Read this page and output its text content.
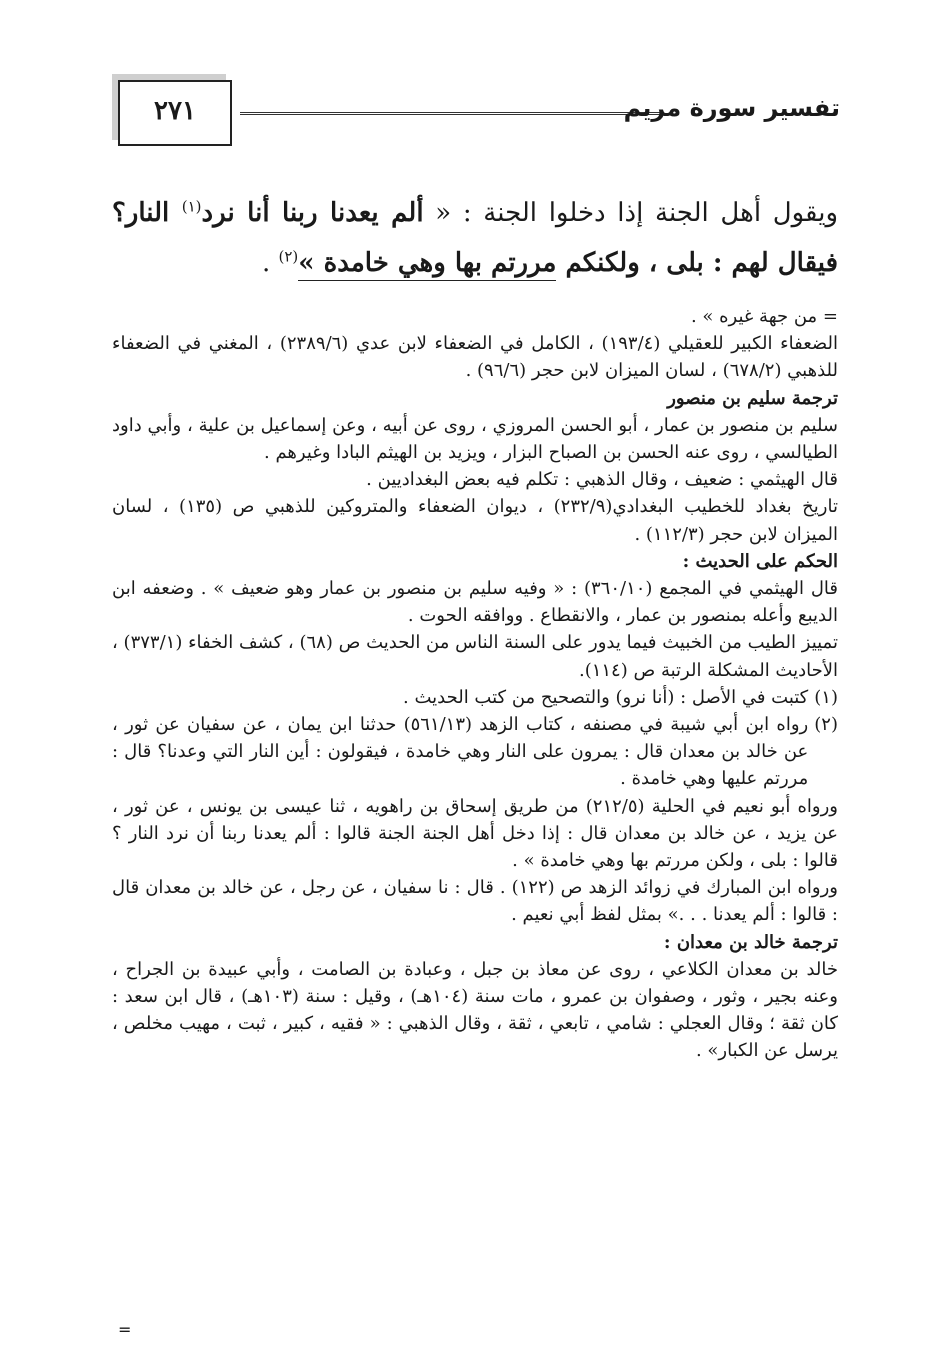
٢٧١	تفسير سورة مريم
ويقول أهل الجنة إذا دخلوا الجنة : « ألم يعدنا ربنا أنا نرد$^{(١)}$ النار؟ فيقال لهم : بلى ، ولكنكم مررتم بها وهي خامدة »$^{(٢)}$ .

= من جهة غيره » .

الضعفاء الكبير للعقيلي (١٩٣/٤) ، الكامل في الضعفاء لابن عدي (٢٣٨٩/٦) ، المغني في الضعفاء للذهبي (٦٧٨/٢) ، لسان الميزان لابن حجر (٩٦/٦) .

ترجمة سليم بن منصور

سليم بن منصور بن عمار ، أبو الحسن المروزي ، روى عن أبيه ، وعن إسماعيل بن علية ، وأبي داود الطيالسي ، روى عنه الحسن بن الصباح البزار ، ويزيد بن الهيثم البادا وغيرهم .

قال الهيثمي : ضعيف ، وقال الذهبي : تكلم فيه بعض البغداديين .

تاريخ بغداد للخطيب البغدادي(٢٣٢/٩) ، ديوان الضعفاء والمتروكين للذهبي ص (١٣٥) ، لسان الميزان لابن حجر (١١٢/٣) .

الحكم على الحديث :

قال الهيثمي في المجمع (٣٦٠/١٠) : « وفيه سليم بن منصور بن عمار وهو ضعيف » . وضعفه ابن الديبع وأعله بمنصور بن عمار ، والانقطاع . ووافقه الحوت .

تمييز الطيب من الخبيث فيما يدور على السنة الناس من الحديث ص (٦٨) ، كشف الخفاء (٣٧٣/١) ، الأحاديث المشكلة الرتبة ص (١١٤).

(١)
كتبت في الأصل : (أنا نرو) والتصحيح من كتب الحديث .
(٢)
رواه ابن أبي شيبة في مصنفه ، كتاب الزهد (٥٦١/١٣) حدثنا ابن يمان ، عن سفيان عن ثور ، عن خالد بن معدان قال : يمرون على النار وهي خامدة ، فيقولون : أين النار التي وعدنا؟ قال : مررتم عليها وهي خامدة .

ورواه أبو نعيم في الحلية (٢١٢/٥) من طريق إسحاق بن راهويه ، ثنا عيسى بن يونس ، عن ثور ، عن يزيد ، عن خالد بن معدان قال : إذا دخل أهل الجنة الجنة قالوا : ألم يعدنا ربنا أن نرد النار ؟ قالوا : بلى ، ولكن مررتم بها وهي خامدة » .

ورواه ابن المبارك في زوائد الزهد ص (١٢٢) . قال : نا سفيان ، عن رجل ، عن خالد بن معدان قال : قالوا : ألم يعدنا . . .» بمثل لفظ أبي نعيم .

ترجمة خالد بن معدان :

خالد بن معدان الكلاعي ، روى عن معاذ بن جبل ، وعبادة بن الصامت ، وأبي عبيدة بن الجراح ، وعنه بجير ، وثور ، وصفوان بن عمرو ، مات سنة (١٠٤هـ) ، وقيل : سنة (١٠٣هـ) ، قال ابن سعد : كان ثقة ؛ وقال العجلي : شامي ، تابعي ، ثقة ، وقال الذهبي : « فقيه ، كبير ، ثبت ، مهيب مخلص ، يرسل عن الكبار» .

=
